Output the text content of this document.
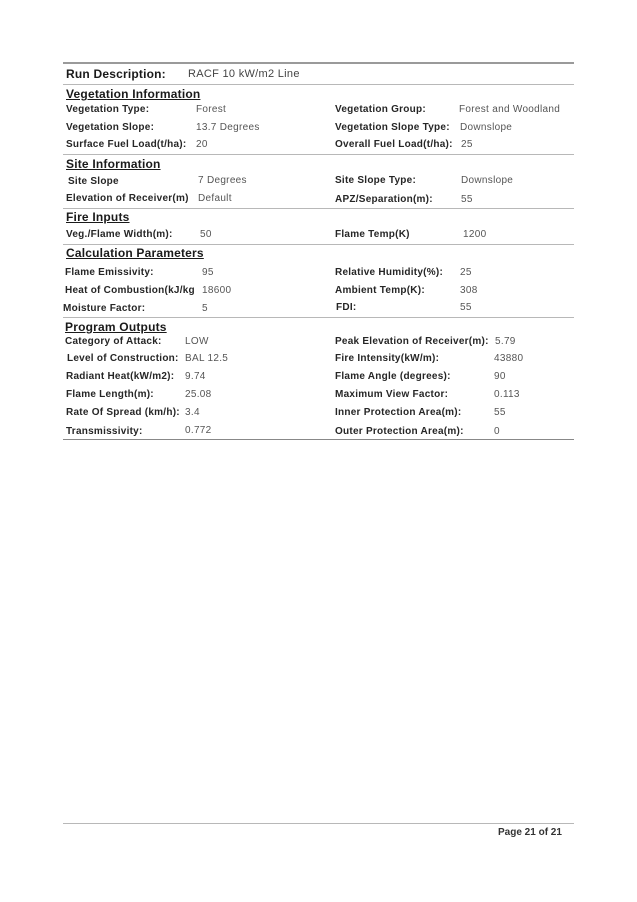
Run Description: RACF 10 kW/m2 Line
Vegetation Information
Vegetation Type:	Forest	Vegetation Group:	Forest and Woodland
Vegetation Slope:	13.7 Degrees	Vegetation Slope Type: Downslope
Surface Fuel Load(t/ha): 20	Overall Fuel Load(t/ha): 25
Site Information
Site Slope	7 Degrees	Site Slope Type:	Downslope
Elevation of Receiver(m) Default	APZ/Separation(m):	55
Fire Inputs
Veg./Flame Width(m):	50	Flame Temp(K)	1200
Calculation Parameters
Flame Emissivity:	95	Relative Humidity(%): 25
Heat of Combustion(kJ/kg 18600	Ambient Temp(K):	308
Moisture Factor:	5	FDI:	55
Program Outputs
Category of Attack: LOW	Peak Elevation of Receiver(m): 5.79
Level of Construction: BAL 12.5	Fire Intensity(kW/m):	43880
Radiant Heat(kW/m2): 9.74	Flame Angle (degrees):	90
Flame Length(m):	25.08	Maximum View Factor:	0.113
Rate Of Spread (km/h): 3.4	Inner Protection Area(m):	55
Transmissivity:	0.772	Outer Protection Area(m):	0
Page 21 of 21
